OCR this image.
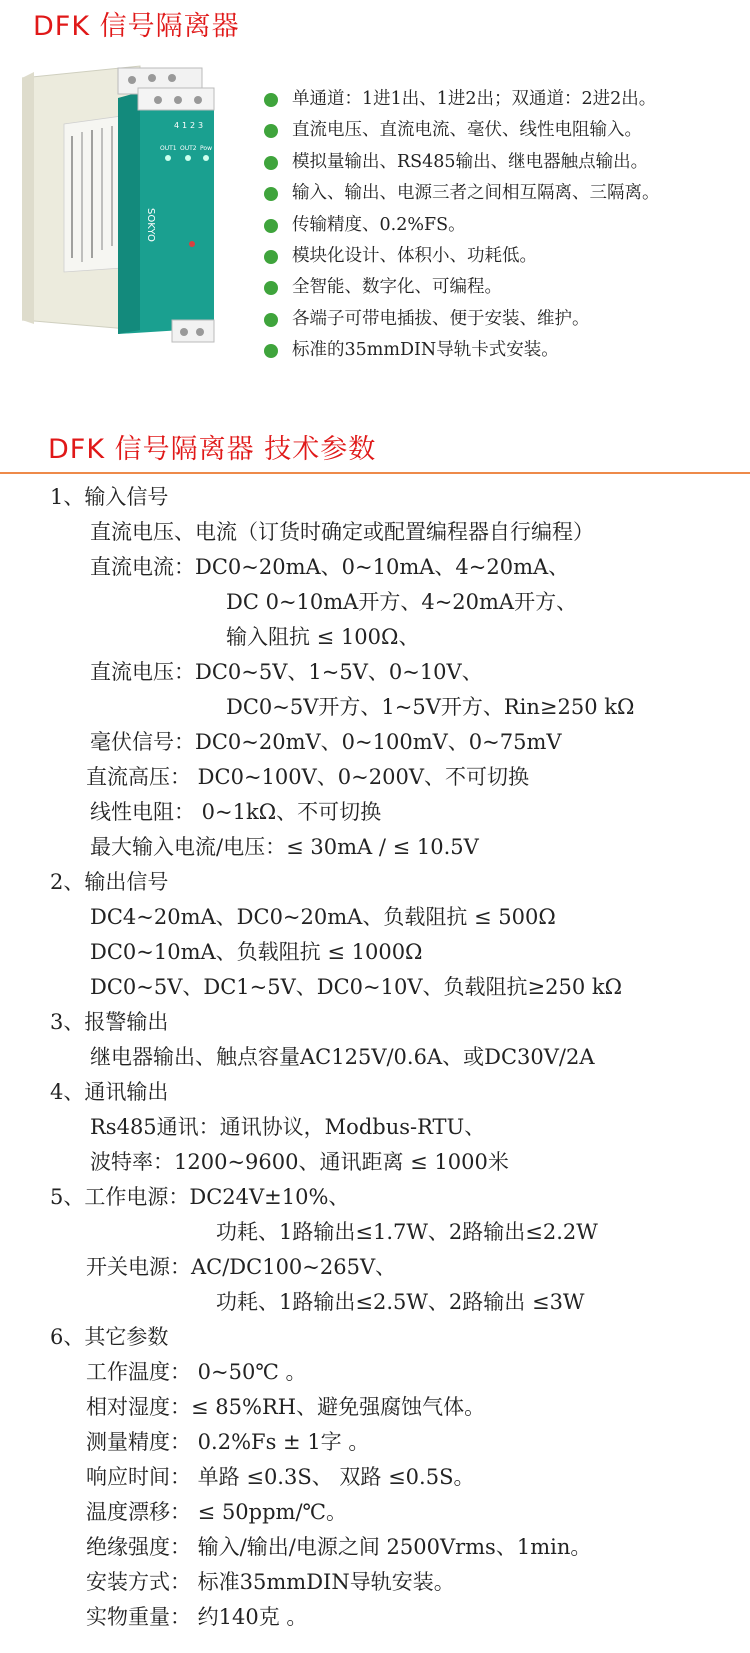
DFK 信号隔离器
4 1 2 3
OUT1 OUT2 Pow
SOKYO
单通道：1进1出、1进2出；双通道：2进2出。
直流电压、直流电流、毫伏、线性电阻输入。
模拟量输出、RS485输出、继电器触点输出。
输入、输出、电源三者之间相互隔离、三隔离。
传输精度、0.2%FS。
模块化设计、体积小、功耗低。
全智能、数字化、可编程。
各端子可带电插拔、便于安装、维护。
标准的35mmDIN导轨卡式安装。
DFK 信号隔离器 技术参数
1、输入信号
直流电压、电流（订货时确定或配置编程器自行编程）
直流电流：DC0~20mA、0~10mA、4~20mA、
DC 0~10mA开方、4~20mA开方、
输入阻抗 ≤ 100Ω、
直流电压：DC0~5V、1~5V、0~10V、
DC0~5V开方、1~5V开方、Rin≥250 kΩ
毫伏信号：DC0~20mV、0~100mV、0~75mV
直流高压： DC0~100V、0~200V、不可切换
线性电阻： 0~1kΩ、不可切换
最大输入电流/电压：≤ 30mA / ≤ 10.5V
2、输出信号
DC4~20mA、DC0~20mA、负载阻抗 ≤ 500Ω
DC0~10mA、负载阻抗 ≤ 1000Ω
DC0~5V、DC1~5V、DC0~10V、负载阻抗≥250 kΩ
3、报警输出
继电器输出、触点容量AC125V/0.6A、或DC30V/2A
4、通讯输出
Rs485通讯：通讯协议，Modbus-RTU、
波特率：1200~9600、通讯距离 ≤ 1000米
5、工作电源：DC24V±10%、
功耗、1路输出≤1.7W、2路输出≤2.2W
开关电源：AC/DC100~265V、
功耗、1路输出≤2.5W、2路输出 ≤3W
6、其它参数
工作温度： 0~50℃ 。
相对湿度：≤ 85%RH、避免强腐蚀气体。
测量精度： 0.2%Fs ± 1字 。
响应时间： 单路 ≤0.3S、 双路 ≤0.5S。
温度漂移： ≤ 50ppm/℃。
绝缘强度： 输入/输出/电源之间 2500Vrms、1min。
安装方式： 标准35mmDIN导轨安装。
实物重量： 约140克 。
